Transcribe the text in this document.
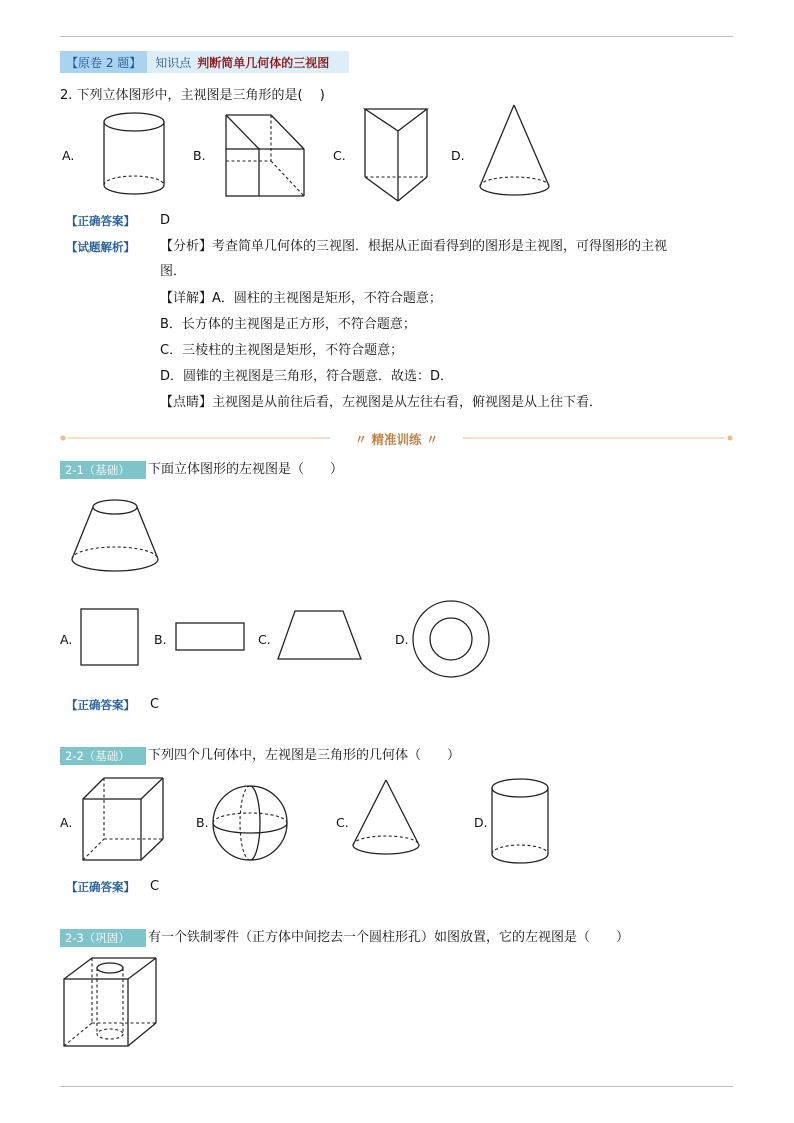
【原卷 2 题】	知识点 判断简单几何体的三视图
2. 下列立体图形中，主视图是三角形的是(　 )
A.	B.	C.	D.
【正确答案】 D
【试题解析】 【分析】考查简单几何体的三视图．根据从正面看得到的图形是主视图，可得图形的主视
图．
【详解】A．圆柱的主视图是矩形，不符合题意；
B．长方体的主视图是正方形，不符合题意；
C．三棱柱的主视图是矩形，不符合题意；
D．圆锥的主视图是三角形，符合题意．故选：D．
【点睛】主视图是从前往后看，左视图是从左往右看，俯视图是从上往下看．
〃 精准训练 〃
2-1（基础）	下面立体图形的左视图是（　　）
A.	B.	C.	D.
【正确答案】 C
2-2（基础）	下列四个几何体中，左视图是三角形的几何体（　　）
A.	B.	C.	D.
【正确答案】 C
2-3（巩固）	有一个铁制零件（正方体中间挖去一个圆柱形孔）如图放置，它的左视图是（　　）
